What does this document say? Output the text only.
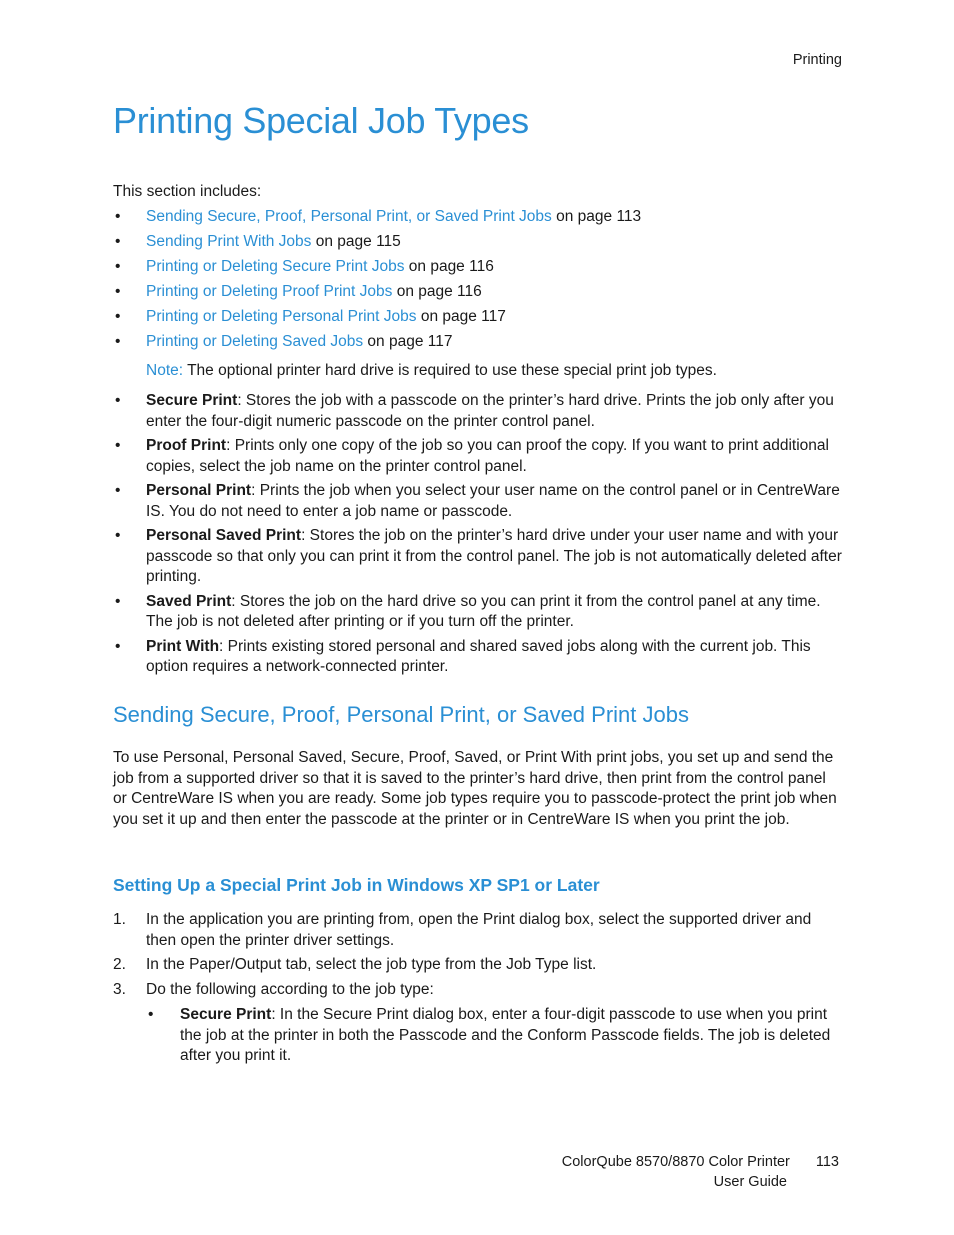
Printing
Printing Special Job Types
This section includes:
• Sending Secure, Proof, Personal Print, or Saved Print Jobs on page 113
• Sending Print With Jobs on page 115
• Printing or Deleting Secure Print Jobs on page 116
• Printing or Deleting Proof Print Jobs on page 116
• Printing or Deleting Personal Print Jobs on page 117
• Printing or Deleting Saved Jobs on page 117
Note: The optional printer hard drive is required to use these special print job types.
• Secure Print: Stores the job with a passcode on the printer’s hard drive. Prints the job only after you enter the four-digit numeric passcode on the printer control panel.
• Proof Print: Prints only one copy of the job so you can proof the copy. If you want to print additional copies, select the job name on the printer control panel.
• Personal Print: Prints the job when you select your user name on the control panel or in CentreWare IS. You do not need to enter a job name or passcode.
• Personal Saved Print: Stores the job on the printer’s hard drive under your user name and with your passcode so that only you can print it from the control panel. The job is not automatically deleted after printing.
• Saved Print: Stores the job on the hard drive so you can print it from the control panel at any time. The job is not deleted after printing or if you turn off the printer.
• Print With: Prints existing stored personal and shared saved jobs along with the current job. This option requires a network-connected printer.
Sending Secure, Proof, Personal Print, or Saved Print Jobs
To use Personal, Personal Saved, Secure, Proof, Saved, or Print With print jobs, you set up and send the job from a supported driver so that it is saved to the printer’s hard drive, then print from the control panel or CentreWare IS when you are ready. Some job types require you to passcode-protect the print job when you set it up and then enter the passcode at the printer or in CentreWare IS when you print the job.
Setting Up a Special Print Job in Windows XP SP1 or Later
1. In the application you are printing from, open the Print dialog box, select the supported driver and then open the printer driver settings.
2. In the Paper/Output tab, select the job type from the Job Type list.
3. Do the following according to the job type:
• Secure Print: In the Secure Print dialog box, enter a four-digit passcode to use when you print the job at the printer in both the Passcode and the Conform Passcode fields. The job is deleted after you print it.
ColorQube 8570/8870 Color Printer 113
User Guide
